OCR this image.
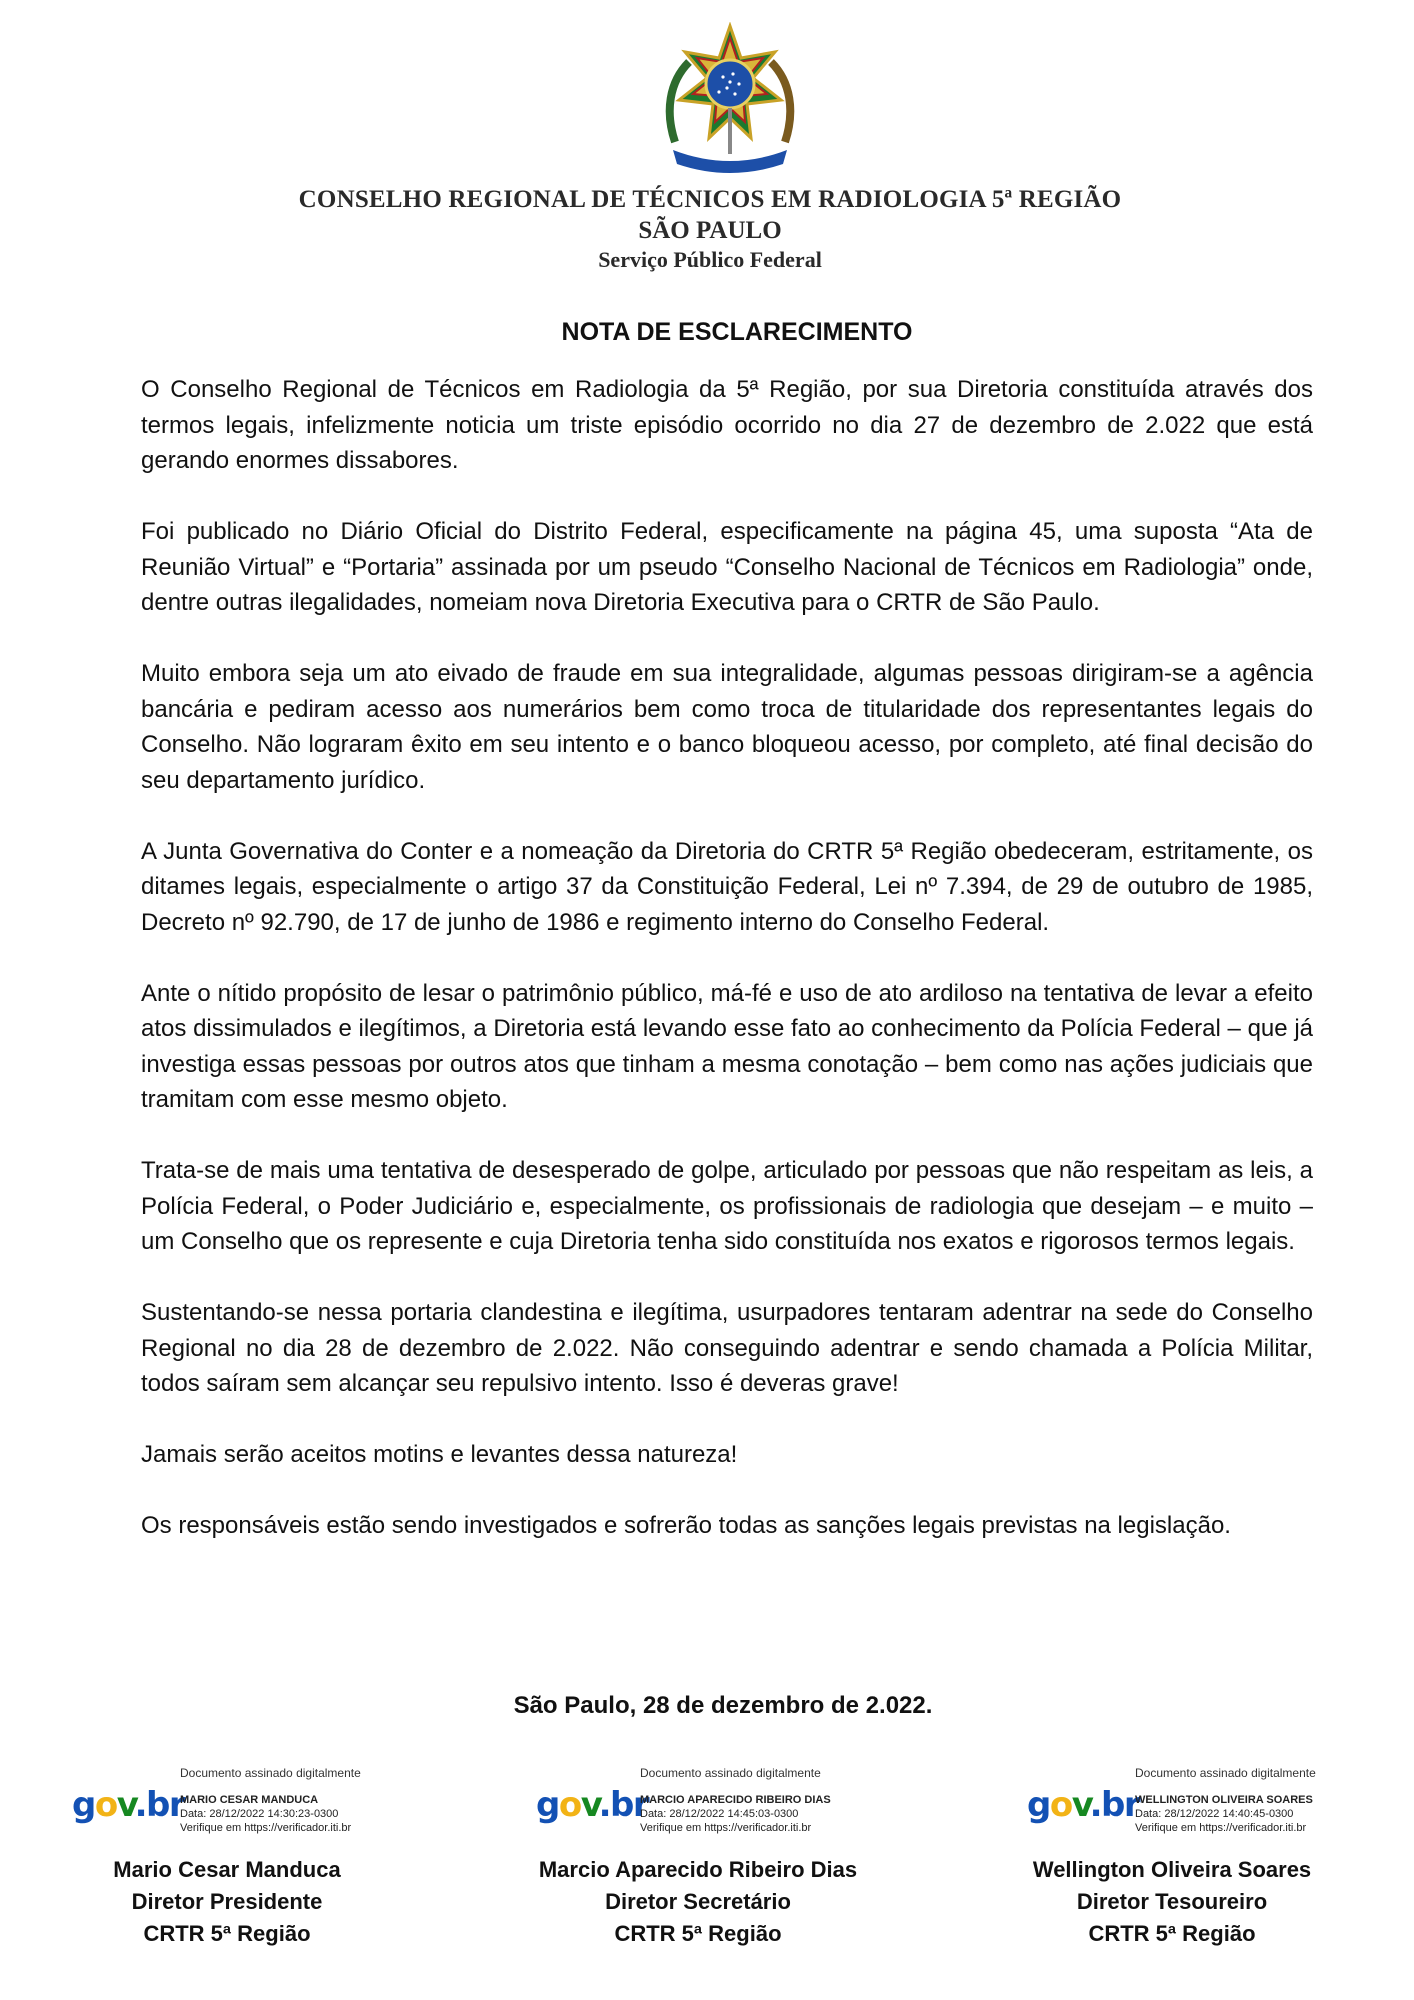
CONSELHO REGIONAL DE TÉCNICOS EM RADIOLOGIA 5ª REGIÃO
SÃO PAULO
Serviço Público Federal
NOTA DE ESCLARECIMENTO

O Conselho Regional de Técnicos em Radiologia da 5ª Região, por sua Diretoria constituída através dos termos legais, infelizmente noticia um triste episódio ocorrido no dia 27 de dezembro de 2.022 que está gerando enormes dissabores.

Foi publicado no Diário Oficial do Distrito Federal, especificamente na página 45, uma suposta “Ata de Reunião Virtual” e “Portaria” assinada por um pseudo “Conselho Nacional de Técnicos em Radiologia” onde, dentre outras ilegalidades, nomeiam nova Diretoria Executiva para o CRTR de São Paulo.

Muito embora seja um ato eivado de fraude em sua integralidade, algumas pessoas dirigiram-se a agência bancária e pediram acesso aos numerários bem como troca de titularidade dos representantes legais do Conselho. Não lograram êxito em seu intento e o banco bloqueou acesso, por completo, até final decisão do seu departamento jurídico.

A Junta Governativa do Conter e a nomeação da Diretoria do CRTR 5ª Região obedeceram, estritamente, os ditames legais, especialmente o artigo 37 da Constituição Federal, Lei nº 7.394, de 29 de outubro de 1985, Decreto nº 92.790, de 17 de junho de 1986 e regimento interno do Conselho Federal.

Ante o nítido propósito de lesar o patrimônio público, má-fé e uso de ato ardiloso na tentativa de levar a efeito atos dissimulados e ilegítimos, a Diretoria está levando esse fato ao conhecimento da Polícia Federal – que já investiga essas pessoas por outros atos que tinham a mesma conotação – bem como nas ações judiciais que tramitam com esse mesmo objeto.

Trata-se de mais uma tentativa de desesperado de golpe, articulado por pessoas que não respeitam as leis, a Polícia Federal, o Poder Judiciário e, especialmente, os profissionais de radiologia que desejam – e muito – um Conselho que os represente e cuja Diretoria tenha sido constituída nos exatos e rigorosos termos legais.

Sustentando-se nessa portaria clandestina e ilegítima, usurpadores tentaram adentrar na sede do Conselho Regional no dia 28 de dezembro de 2.022. Não conseguindo adentrar e sendo chamada a Polícia Militar, todos saíram sem alcançar seu repulsivo intento. Isso é deveras grave!

Jamais serão aceitos motins e levantes dessa natureza!

Os responsáveis estão sendo investigados e sofrerão todas as sanções legais previstas na legislação.

São Paulo, 28 de dezembro de 2.022.
Documento assinado digitalmente
gov.br
MARIO CESAR MANDUCA
Data: 28/12/2022 14:30:23-0300
Verifique em https://verificador.iti.br
Mario Cesar Manduca
Diretor Presidente
CRTR 5ª Região
Documento assinado digitalmente
gov.br
MARCIO APARECIDO RIBEIRO DIAS
Data: 28/12/2022 14:45:03-0300
Verifique em https://verificador.iti.br
Marcio Aparecido Ribeiro Dias
Diretor Secretário
CRTR 5ª Região
Documento assinado digitalmente
gov.br
WELLINGTON OLIVEIRA SOARES
Data: 28/12/2022 14:40:45-0300
Verifique em https://verificador.iti.br
Wellington Oliveira Soares
Diretor Tesoureiro
CRTR 5ª Região
